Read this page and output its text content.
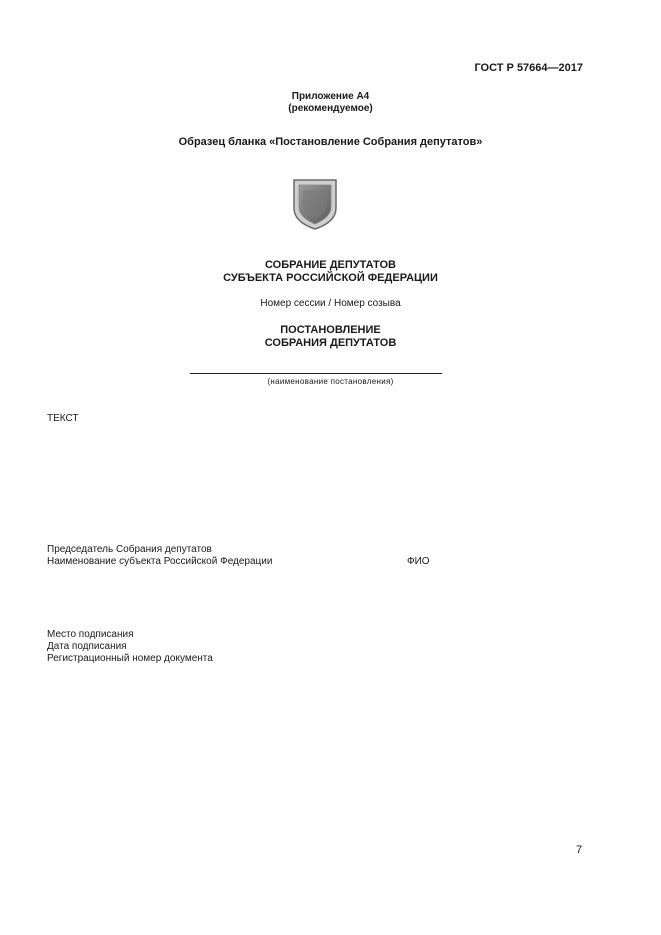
ГОСТ Р 57664—2017
Приложение А4
(рекомендуемое)
Образец бланка «Постановление Собрания депутатов»
СОБРАНИЕ ДЕПУТАТОВ
СУБЪЕКТА РОССИЙСКОЙ ФЕДЕРАЦИИ
Номер сессии / Номер созыва
ПОСТАНОВЛЕНИЕ
СОБРАНИЯ ДЕПУТАТОВ
(наименование постановления)
ТЕКСТ
Председатель Собрания депутатов
Наименование субъекта Российской Федерации	ФИО
Место подписания
Дата подписания
Регистрационный номер документа
7
